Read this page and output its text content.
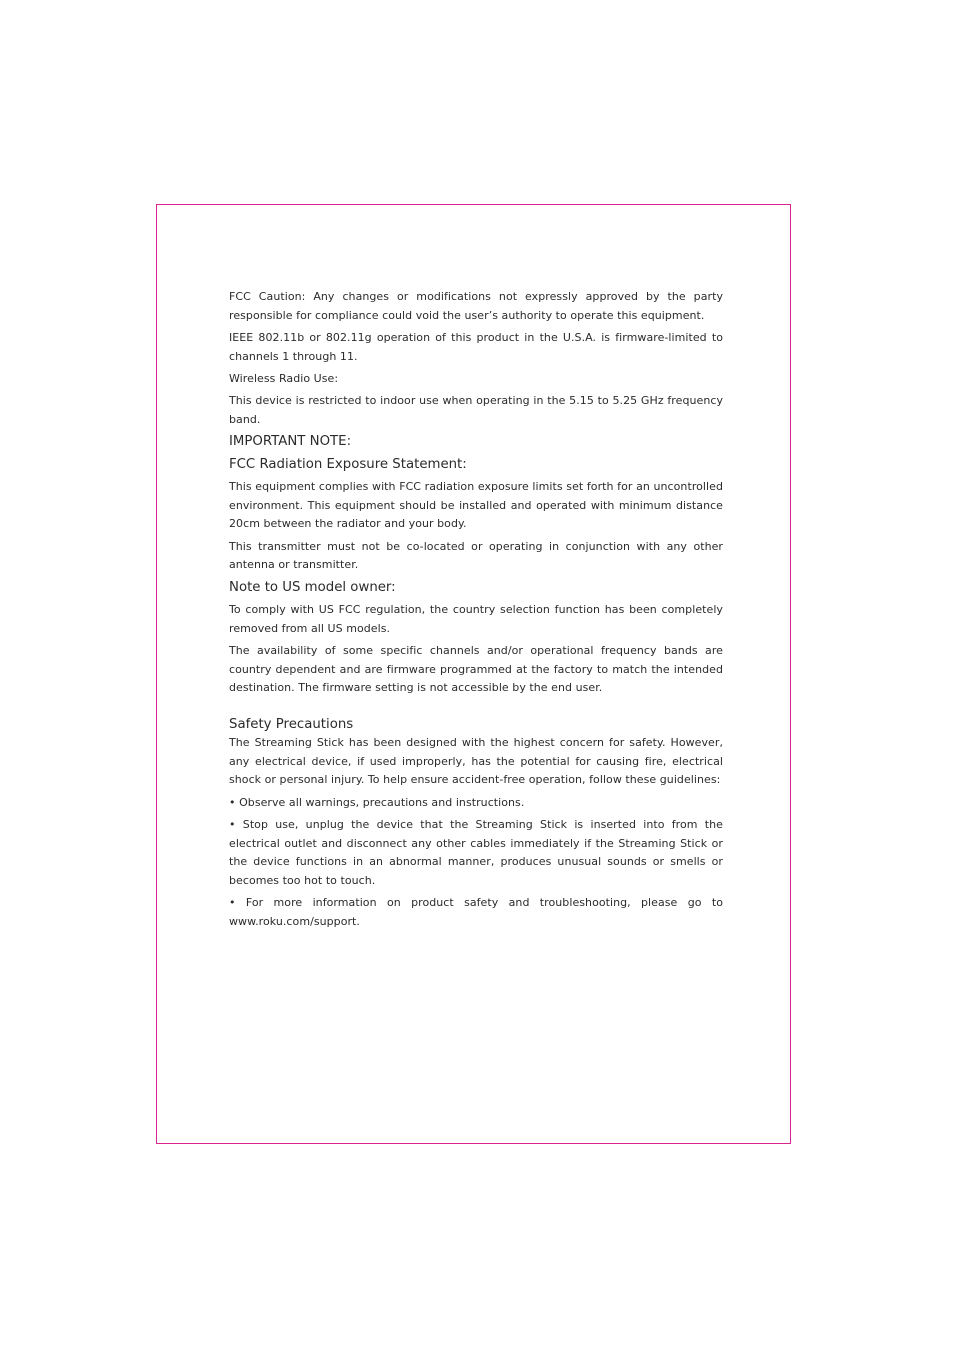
FCC Caution: Any changes or modifications not expressly approved by the party responsible for compliance could void the user’s authority to operate this equipment.

IEEE 802.11b or 802.11g operation of this product in the U.S.A. is firmware-limited to channels 1 through 11.

Wireless Radio Use:

This device is restricted to indoor use when operating in the 5.15 to 5.25 GHz frequency band.

IMPORTANT NOTE:
FCC Radiation Exposure Statement:

This equipment complies with FCC radiation exposure limits set forth for an uncontrolled environment. This equipment should be installed and operated with minimum distance 20cm between the radiator and your body.

This transmitter must not be co-located or operating in conjunction with any other antenna or transmitter.

Note to US model owner:

To comply with US FCC regulation, the country selection function has been completely removed from all US models.

The availability of some specific channels and/or operational frequency bands are country dependent and are firmware programmed at the factory to match the intended destination. The firmware setting is not accessible by the end user.

Safety Precautions

The Streaming Stick has been designed with the highest concern for safety. However, any electrical device, if used improperly, has the potential for causing fire, electrical shock or personal injury. To help ensure accident-free operation, follow these guidelines:

• Observe all warnings, precautions and instructions.

• Stop use, unplug the device that the Streaming Stick is inserted into from the electrical outlet and disconnect any other cables immediately if the Streaming Stick or the device functions in an abnormal manner, produces unusual sounds or smells or becomes too hot to touch.

• For more information on product safety and troubleshooting, please go to www.roku.com/support.
